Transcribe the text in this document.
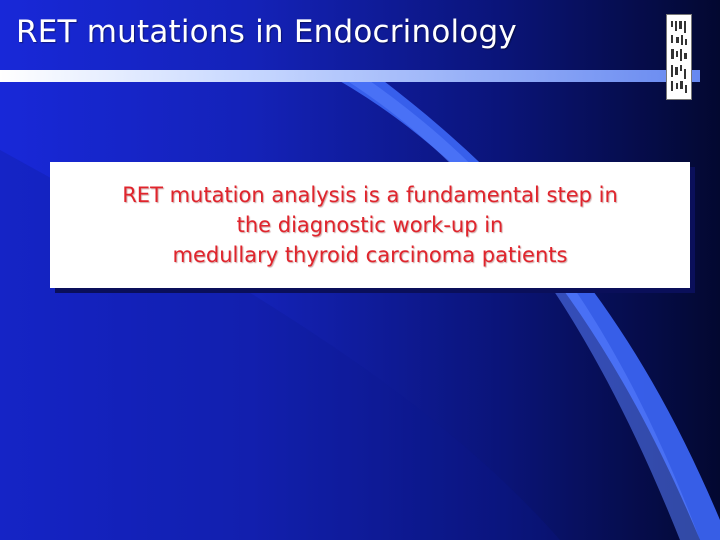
RET mutations in Endocrinology

RET mutation analysis is a fundamental step in
the diagnostic work-up in
medullary thyroid carcinoma patients
